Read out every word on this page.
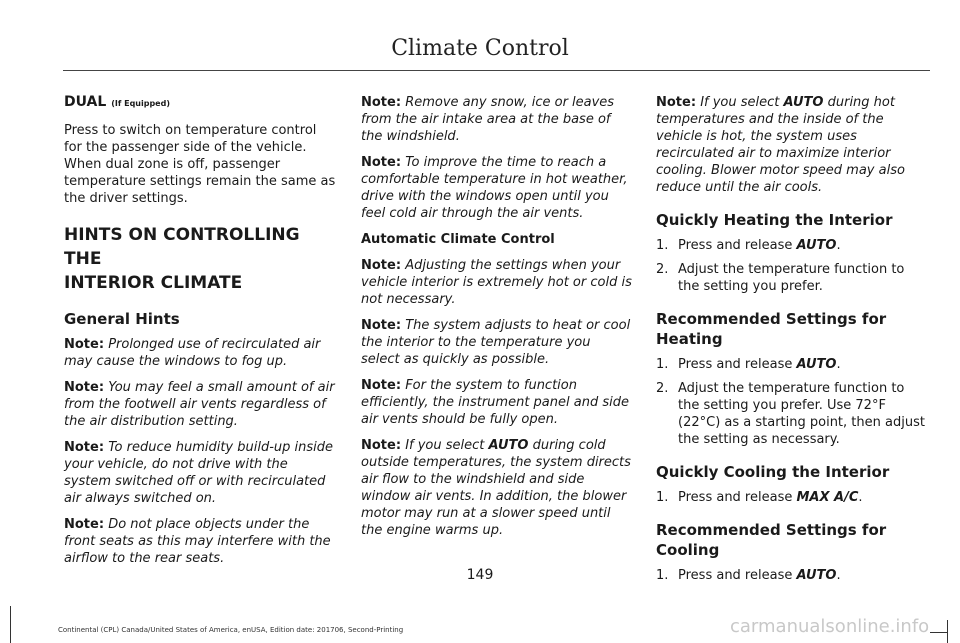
Climate Control
DUAL (If Equipped)

Press to switch on temperature control for the passenger side of the vehicle. When dual zone is off, passenger temperature settings remain the same as the driver settings.

HINTS ON CONTROLLING THE
INTERIOR CLIMATE
General Hints

Note: Prolonged use of recirculated air may cause the windows to fog up.

Note: You may feel a small amount of air from the footwell air vents regardless of the air distribution setting.

Note: To reduce humidity build-up inside your vehicle, do not drive with the system switched off or with recirculated air always switched on.

Note: Do not place objects under the front seats as this may interfere with the airflow to the rear seats.

Note: Remove any snow, ice or leaves from the air intake area at the base of the windshield.

Note: To improve the time to reach a comfortable temperature in hot weather, drive with the windows open until you feel cold air through the air vents.

Automatic Climate Control

Note: Adjusting the settings when your vehicle interior is extremely hot or cold is not necessary.

Note: The system adjusts to heat or cool the interior to the temperature you select as quickly as possible.

Note: For the system to function efficiently, the instrument panel and side air vents should be fully open.

Note: If you select AUTO during cold outside temperatures, the system directs air flow to the windshield and side window air vents. In addition, the blower motor may run at a slower speed until the engine warms up.

Note: If you select AUTO during hot temperatures and the inside of the vehicle is hot, the system uses recirculated air to maximize interior cooling. Blower motor speed may also reduce until the air cools.

Quickly Heating the Interior
1. Press and release AUTO.
2. Adjust the temperature function to the setting you prefer.
Recommended Settings for Heating
1. Press and release AUTO.
2. Adjust the temperature function to the setting you prefer. Use 72°F (22°C) as a starting point, then adjust the setting as necessary.
Quickly Cooling the Interior
1. Press and release MAX A/C.
Recommended Settings for Cooling
1. Press and release AUTO.
149
Continental (CPL) Canada/United States of America, enUSA, Edition date: 201706, Second-Printing	carmanualsonline.info
